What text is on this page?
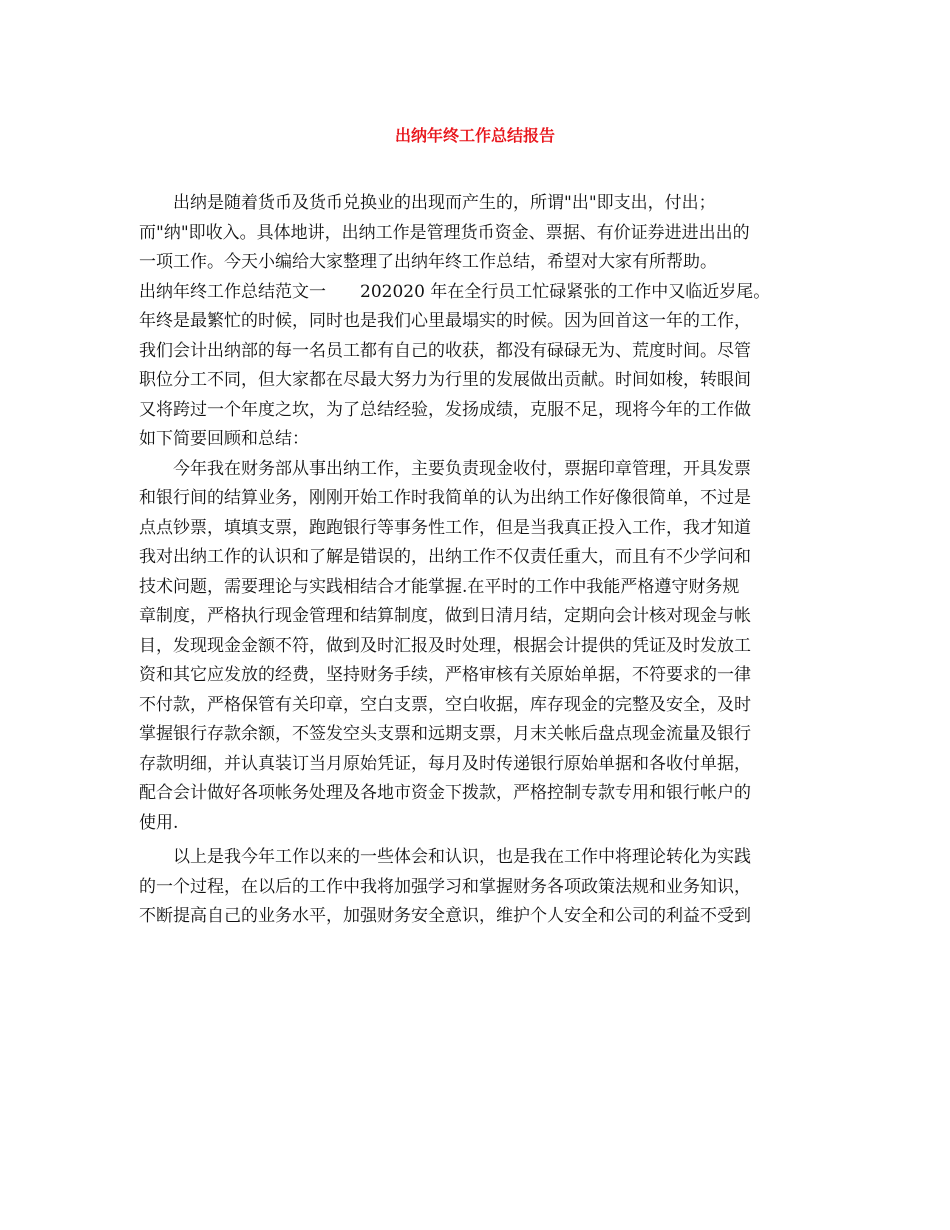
出纳年终工作总结报告
出纳是随着货币及货币兑换业的出现而产生的，所谓"出"即支出，付出；
而"纳"即收入。具体地讲，出纳工作是管理货币资金、票据、有价证券进进出出的
一项工作。今天小编给大家整理了出纳年终工作总结，希望对大家有所帮助。
出纳年终工作总结范文一　　202020 年在全行员工忙碌紧张的工作中又临近岁尾。
年终是最繁忙的时候，同时也是我们心里最塌实的时候。因为回首这一年的工作，
我们会计出纳部的每一名员工都有自己的收获，都没有碌碌无为、荒度时间。尽管
职位分工不同，但大家都在尽最大努力为行里的发展做出贡献。时间如梭，转眼间
又将跨过一个年度之坎，为了总结经验，发扬成绩，克服不足，现将今年的工作做
如下简要回顾和总结：
今年我在财务部从事出纳工作，主要负责现金收付，票据印章管理，开具发票
和银行间的结算业务，刚刚开始工作时我简单的认为出纳工作好像很简单，不过是
点点钞票，填填支票，跑跑银行等事务性工作，但是当我真正投入工作，我才知道
我对出纳工作的认识和了解是错误的，出纳工作不仅责任重大，而且有不少学问和
技术问题，需要理论与实践相结合才能掌握.在平时的工作中我能严格遵守财务规
章制度，严格执行现金管理和结算制度，做到日清月结，定期向会计核对现金与帐
目，发现现金金额不符，做到及时汇报及时处理，根据会计提供的凭证及时发放工
资和其它应发放的经费，坚持财务手续，严格审核有关原始单据，不符要求的一律
不付款，严格保管有关印章，空白支票，空白收据，库存现金的完整及安全，及时
掌握银行存款余额，不签发空头支票和远期支票，月末关帐后盘点现金流量及银行
存款明细，并认真装订当月原始凭证，每月及时传递银行原始单据和各收付单据，
配合会计做好各项帐务处理及各地市资金下拨款，严格控制专款专用和银行帐户的
使用.
以上是我今年工作以来的一些体会和认识，也是我在工作中将理论转化为实践
的一个过程，在以后的工作中我将加强学习和掌握财务各项政策法规和业务知识，
不断提高自己的业务水平，加强财务安全意识，维护个人安全和公司的利益不受到
